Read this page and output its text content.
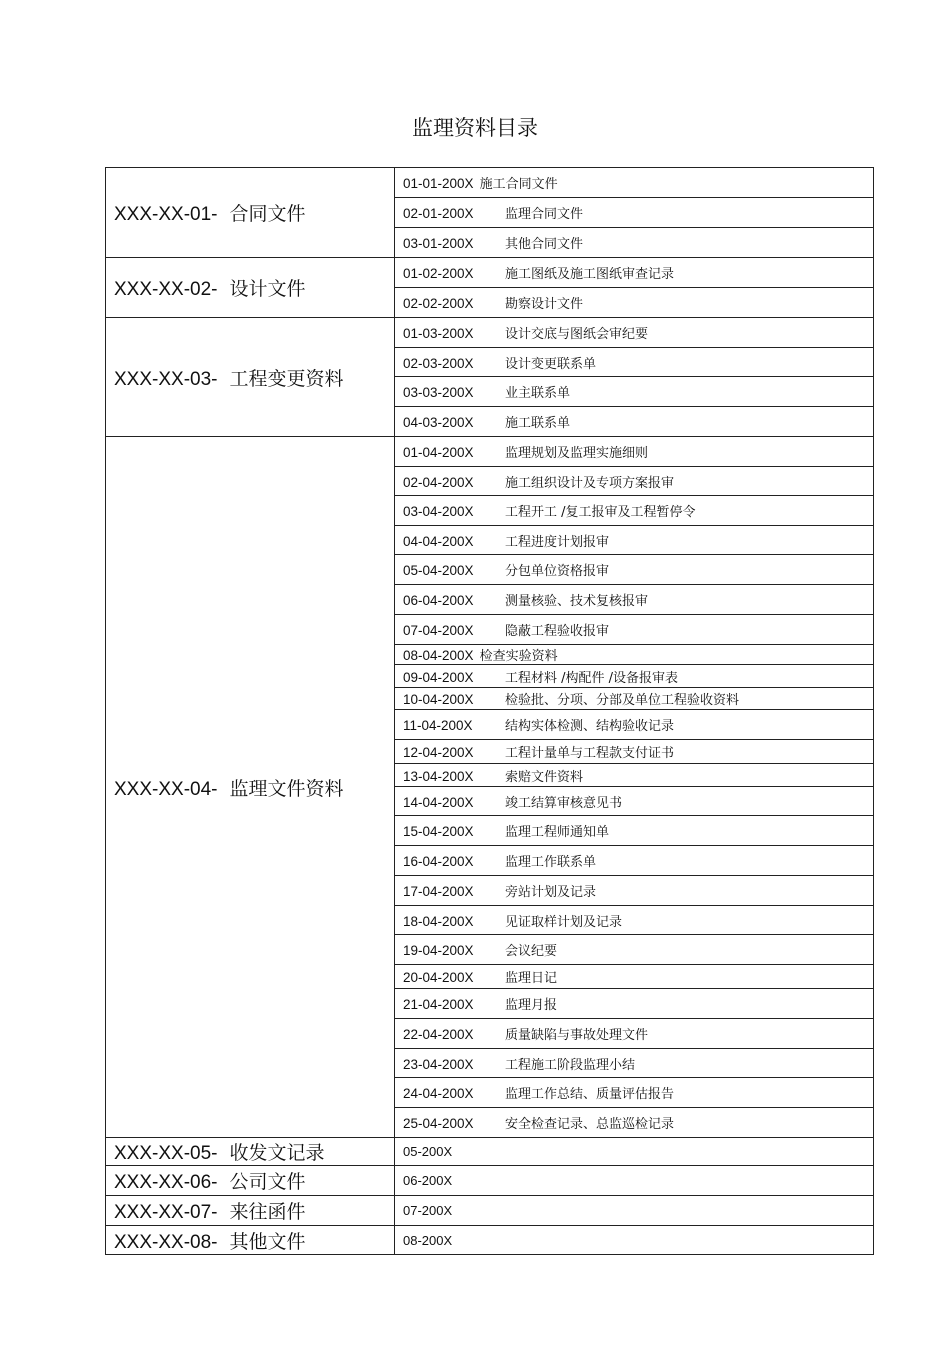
监理资料目录
XXX-XX-01- 合同文件	01-01-200X 施工合同文件
	02-01-200X 监理合同文件
	03-01-200X 其他合同文件
XXX-XX-02- 设计文件	01-02-200X 施工图纸及施工图纸审查记录
	02-02-200X 勘察设计文件
XXX-XX-03- 工程变更资料	01-03-200X 设计交底与图纸会审纪要
	02-03-200X 设计变更联系单
	03-03-200X 业主联系单
	04-03-200X 施工联系单
XXX-XX-04- 监理文件资料	01-04-200X 监理规划及监理实施细则
	02-04-200X 施工组织设计及专项方案报审
	03-04-200X 工程开工 /复工报审及工程暂停令
	04-04-200X 工程进度计划报审
	05-04-200X 分包单位资格报审
	06-04-200X 测量核验、技术复核报审
	07-04-200X 隐蔽工程验收报审
	08-04-200X 检查实验资料
	09-04-200X 工程材料 /构配件 /设备报审表
	10-04-200X 检验批、分项、分部及单位工程验收资料
	11-04-200X 结构实体检测、结构验收记录
	12-04-200X 工程计量单与工程款支付证书
	13-04-200X 索赔文件资料
	14-04-200X 竣工结算审核意见书
	15-04-200X 监理工程师通知单
	16-04-200X 监理工作联系单
	17-04-200X 旁站计划及记录
	18-04-200X 见证取样计划及记录
	19-04-200X 会议纪要
	20-04-200X 监理日记
	21-04-200X 监理月报
	22-04-200X 质量缺陷与事故处理文件
	23-04-200X 工程施工阶段监理小结
	24-04-200X 监理工作总结、质量评估报告
	25-04-200X 安全检查记录、总监巡检记录
XXX-XX-05- 收发文记录	05-200X
XXX-XX-06- 公司文件	06-200X
XXX-XX-07- 来往函件	07-200X
XXX-XX-08- 其他文件	08-200X
